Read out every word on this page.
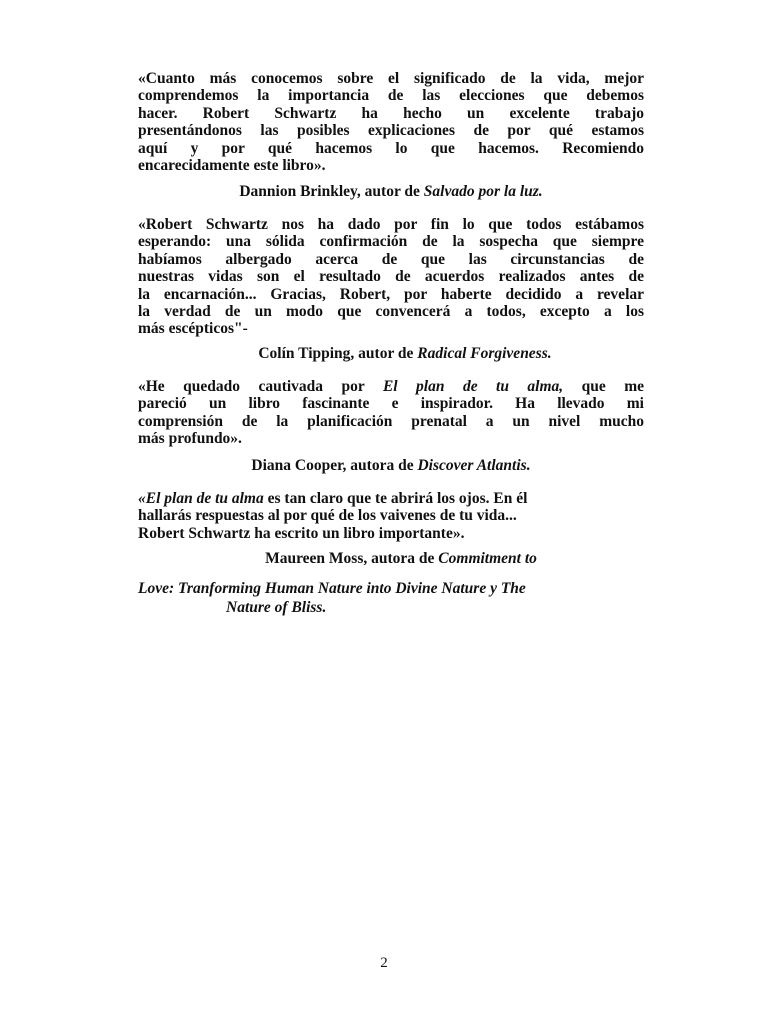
«Cuanto más conocemos sobre el significado de la vida, mejor
comprendemos la importancia de las elecciones que debemos
hacer. Robert Schwartz ha hecho un excelente trabajo
presentándonos las posibles explicaciones de por qué estamos
aquí y por qué hacemos lo que hacemos. Recomiendo
encarecidamente este libro».
Dannion Brinkley, autor de Salvado por la luz.
«Robert Schwartz nos ha dado por fin lo que todos estábamos
esperando: una sólida confirmación de la sospecha que siempre
habíamos albergado acerca de que las circunstancias de
nuestras vidas son el resultado de acuerdos realizados antes de
la encarnación... Gracias, Robert, por haberte decidido a revelar
la verdad de un modo que convencerá a todos, excepto a los
más escépticos"-
Colín Tipping, autor de Radical Forgiveness.
«He quedado cautivada por El plan de tu alma, que me
pareció un libro fascinante e inspirador. Ha llevado mi
comprensión de la planificación prenatal a un nivel mucho
más profundo».
Diana Cooper, autora de Discover Atlantis.
«El plan de tu alma es tan claro que te abrirá los ojos. En él
hallarás respuestas al por qué de los vaivenes de tu vida...
Robert Schwartz ha escrito un libro importante».
Maureen Moss, autora de Commitment to
Love: Tranforming Human Nature into Divine Nature y The
Nature of Bliss.
2
